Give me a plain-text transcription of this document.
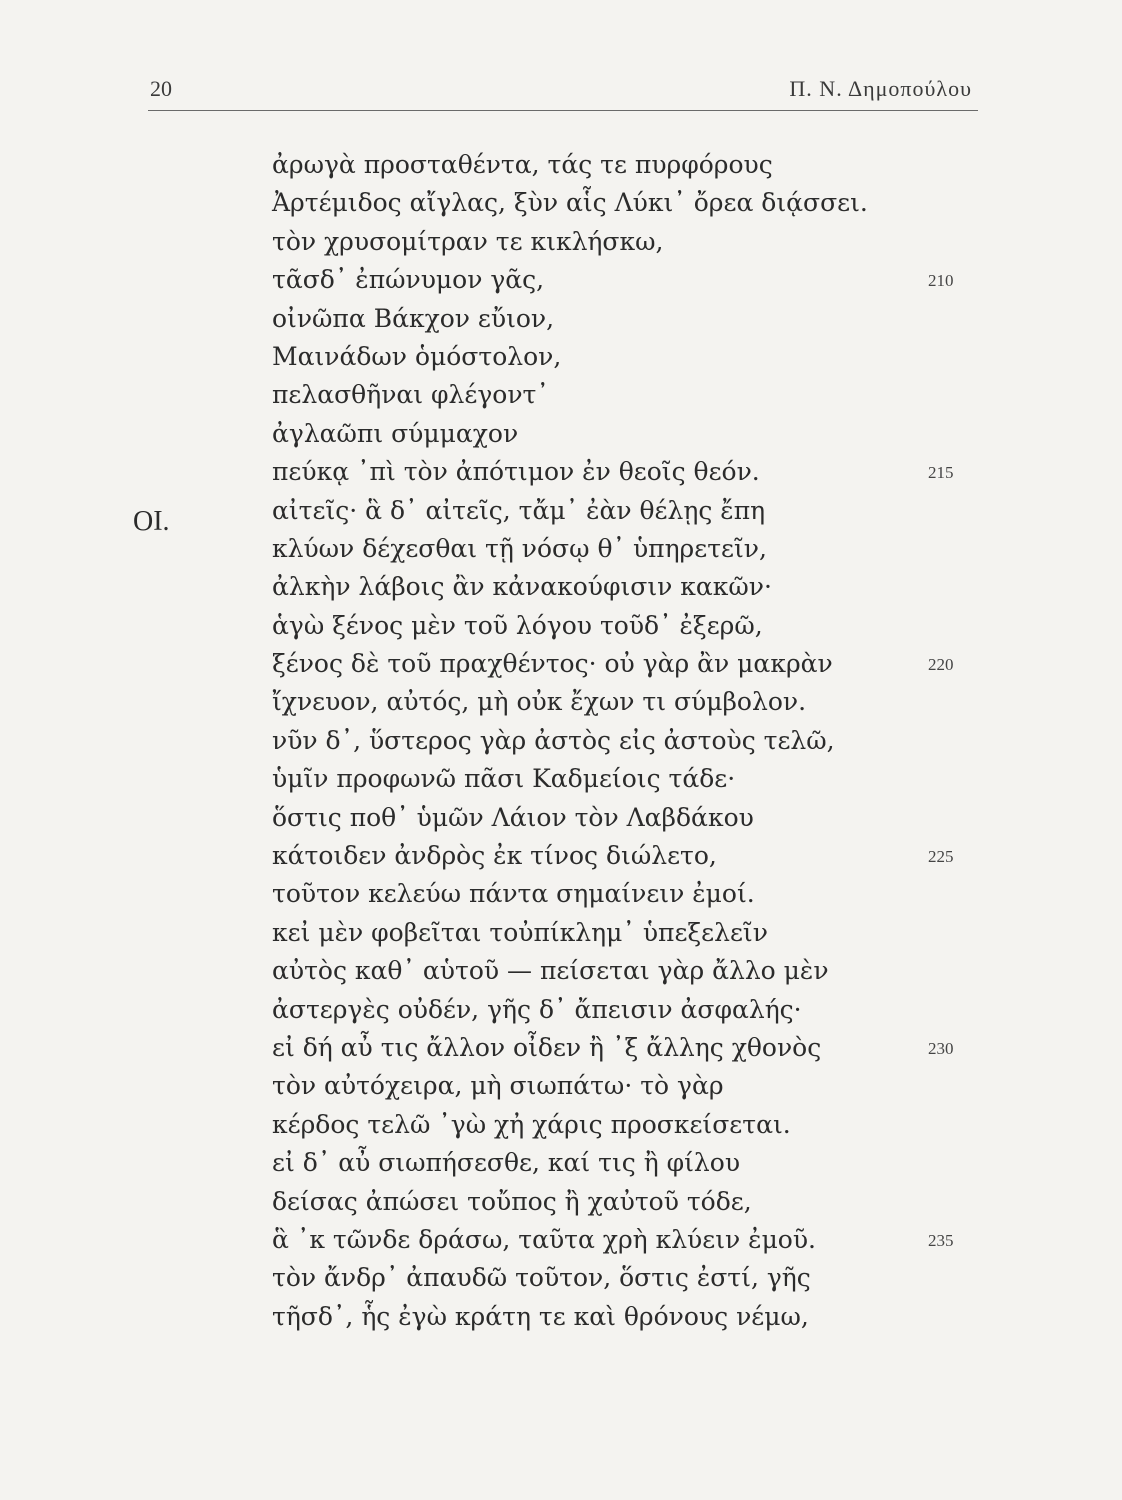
20	Π. Ν. Δημοπούλου
ΟΙ.
ἀρωγὰ προσταθέντα, τάς τε πυρφόρους
Ἀρτέμιδος αἴγλας, ξὺν αἷς Λύκι᾽ ὄρεα διᾴσσει.
τὸν χρυσομίτραν τε κικλήσκω,
τᾶσδ᾽ ἐπώνυμον γᾶς,
οἰνῶπα Βάκχον εὔιον,
Μαινάδων ὁμόστολον,
πελασθῆναι φλέγοντ᾽
ἀγλαῶπι σύμμαχον
πεύκᾳ ᾽πὶ τὸν ἀπότιμον ἐν θεοῖς θεόν.
αἰτεῖς· ἃ δ᾽ αἰτεῖς, τἄμ᾽ ἐὰν θέλῃς ἔπη
κλύων δέχεσθαι τῇ νόσῳ θ᾽ ὑπηρετεῖν,
ἀλκὴν λάβοις ἂν κἀνακούφισιν κακῶν·
ἁγὼ ξένος μὲν τοῦ λόγου τοῦδ᾽ ἐξερῶ,
ξένος δὲ τοῦ πραχθέντος· οὐ γὰρ ἂν μακρὰν
ἴχνευον, αὐτός, μὴ οὐκ ἔχων τι σύμβολον.
νῦν δ᾽, ὕστερος γὰρ ἀστὸς εἰς ἀστοὺς τελῶ,
ὑμῖν προφωνῶ πᾶσι Καδμείοις τάδε·
ὅστις ποθ᾽ ὑμῶν Λάιον τὸν Λαβδάκου
κάτοιδεν ἀνδρὸς ἐκ τίνος διώλετο,
τοῦτον κελεύω πάντα σημαίνειν ἐμοί.
κεἰ μὲν φοβεῖται τοὐπίκλημ᾽ ὑπεξελεῖν
αὐτὸς καθ᾽ αὑτοῦ — πείσεται γὰρ ἄλλο μὲν
ἀστεργὲς οὐδέν, γῆς δ᾽ ἄπεισιν ἀσφαλής·
εἰ δή αὖ τις ἄλλον οἶδεν ἢ ᾽ξ ἄλλης χθονὸς
τὸν αὐτόχειρα, μὴ σιωπάτω· τὸ γὰρ
κέρδος τελῶ ᾽γὼ χἠ χάρις προσκείσεται.
εἰ δ᾽ αὖ σιωπήσεσθε, καί τις ἢ φίλου
δείσας ἀπώσει τοὔπος ἢ χαὐτοῦ τόδε,
ἃ ᾽κ τῶνδε δράσω, ταῦτα χρὴ κλύειν ἐμοῦ.
τὸν ἄνδρ᾽ ἀπαυδῶ τοῦτον, ὅστις ἐστί, γῆς
τῆσδ᾽, ἧς ἐγὼ κράτη τε καὶ θρόνους νέμω,
210
215
220
225
230
235
